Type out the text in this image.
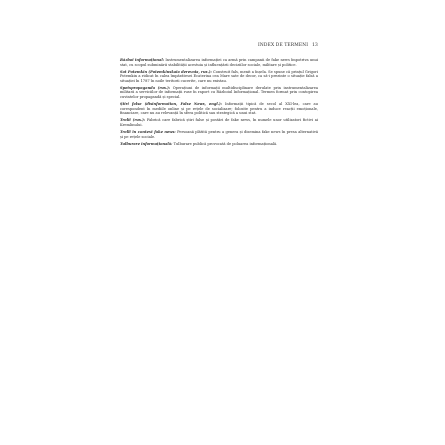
INDEX DE TERMENI 13

Război informațional: Instrumentalizarea informației ca armă prin campanii de fake news împotriva unui stat, cu scopul subminării stabilității acestuia și influențării deciziilor sociale, militare și politice.

Sat Potemkin (Potemkinskaia derevnia, rus.): Construit fals, menit a înșela. Se spune că prințul Grigori Potemkin a ridicat în calea împărătesei Ecaterina cea Mare sate de decor, ca să-i prezinte o situație falsă a situației în 1787 în noile teritorii cucerite, care nu existau.

Spetspropaganda (rus.): Operațiuni de informații multidisciplinare derulate prin instrumentalizarea militară a serviciilor de informații ruse în raport cu Războiul Informațional. Termen format prin contopirea cuvintelor propagandă și special.

Știri false (disinformation, False News, engl.): Informații tipică de secol al XXI-lea, care au corespondent în mediile online și pe rețele de socializare; folosite pentru a induce reacții emoționale, financiare, care nu au relevanță în sfera politică sau strategică a unui stat.

Trolii (rus.): Fabrică care fabrică știri false și postări de fake news, în numele unor utilizatori fictivi ai Kremlinului.

Trolli în context fake news: Persoană plătită pentru a genera și disemina fake news în presa alternativă și pe rețele sociale.

Tulburare informațională: Tulburare publică provocată de poluarea informațională.
